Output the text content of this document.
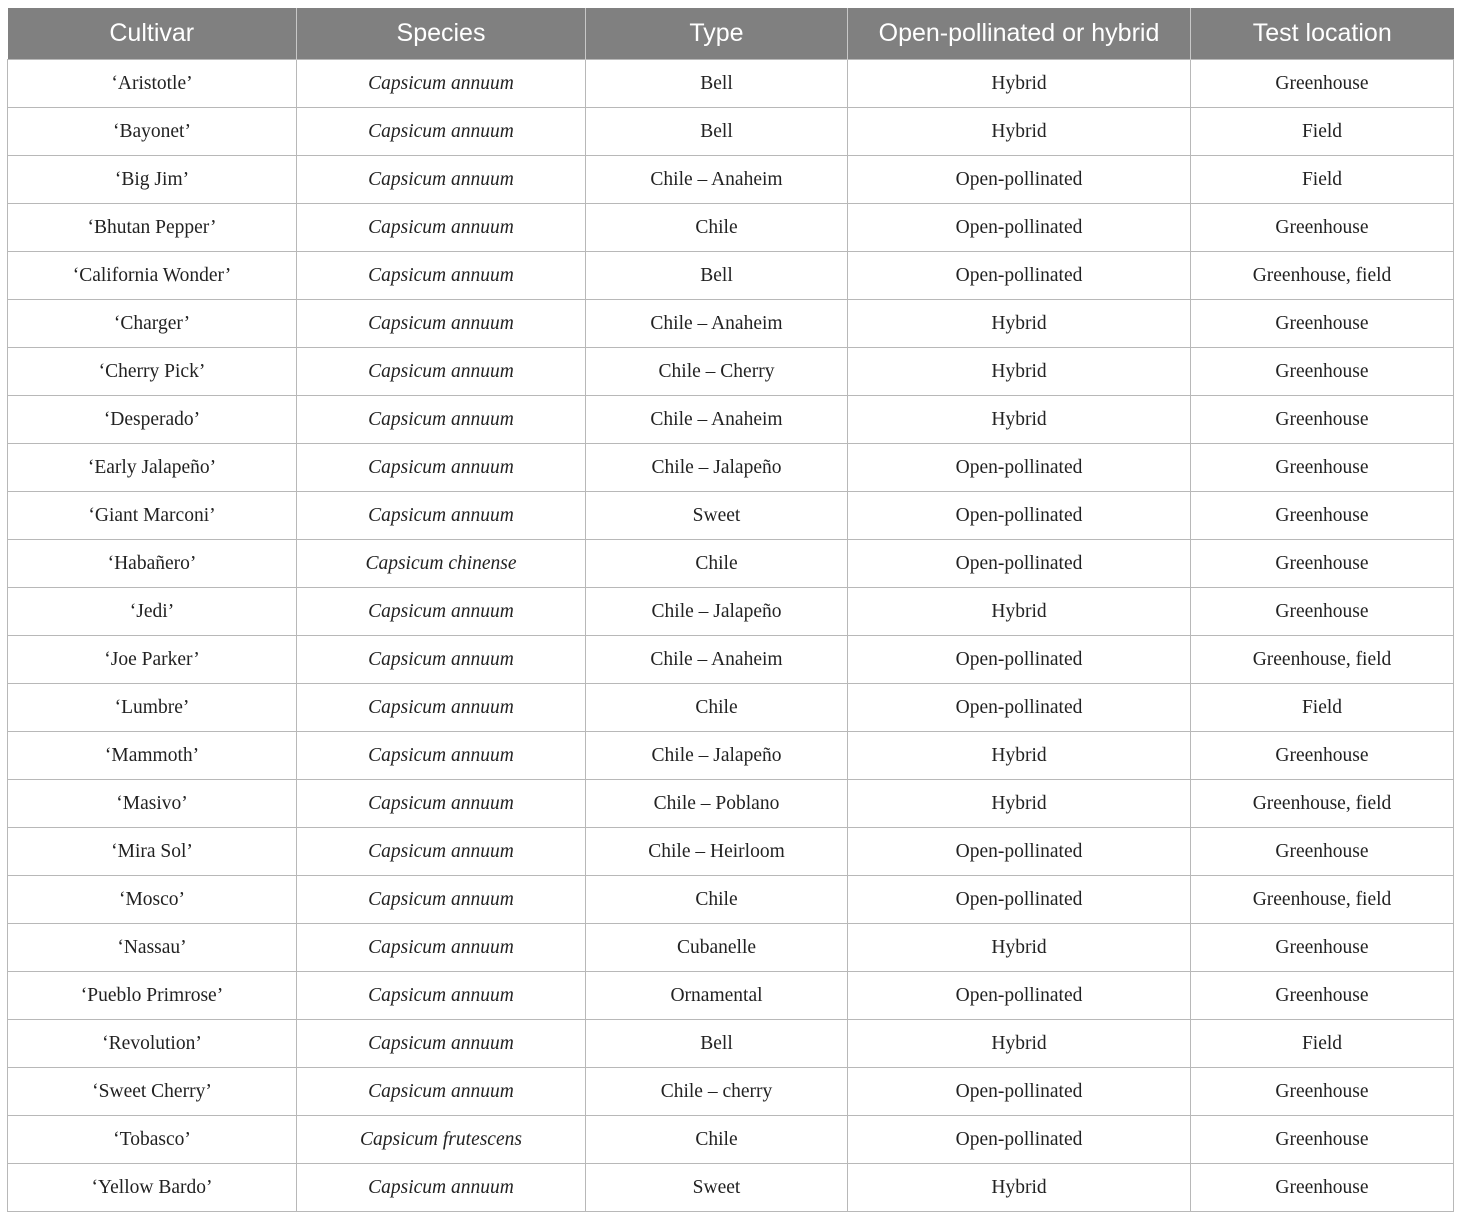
Cultivar	Species	Type	Open-pollinated or hybrid	Test location
‘Aristotle’	Capsicum annuum	Bell	Hybrid	Greenhouse
‘Bayonet’	Capsicum annuum	Bell	Hybrid	Field
‘Big Jim’	Capsicum annuum	Chile – Anaheim	Open-pollinated	Field
‘Bhutan Pepper’	Capsicum annuum	Chile	Open-pollinated	Greenhouse
‘California Wonder’	Capsicum annuum	Bell	Open-pollinated	Greenhouse, field
‘Charger’	Capsicum annuum	Chile – Anaheim	Hybrid	Greenhouse
‘Cherry Pick’	Capsicum annuum	Chile – Cherry	Hybrid	Greenhouse
‘Desperado’	Capsicum annuum	Chile – Anaheim	Hybrid	Greenhouse
‘Early Jalapeño’	Capsicum annuum	Chile – Jalapeño	Open-pollinated	Greenhouse
‘Giant Marconi’	Capsicum annuum	Sweet	Open-pollinated	Greenhouse
‘Habañero’	Capsicum chinense	Chile	Open-pollinated	Greenhouse
‘Jedi’	Capsicum annuum	Chile – Jalapeño	Hybrid	Greenhouse
‘Joe Parker’	Capsicum annuum	Chile – Anaheim	Open-pollinated	Greenhouse, field
‘Lumbre’	Capsicum annuum	Chile	Open-pollinated	Field
‘Mammoth’	Capsicum annuum	Chile – Jalapeño	Hybrid	Greenhouse
‘Masivo’	Capsicum annuum	Chile – Poblano	Hybrid	Greenhouse, field
‘Mira Sol’	Capsicum annuum	Chile – Heirloom	Open-pollinated	Greenhouse
‘Mosco’	Capsicum annuum	Chile	Open-pollinated	Greenhouse, field
‘Nassau’	Capsicum annuum	Cubanelle	Hybrid	Greenhouse
‘Pueblo Primrose’	Capsicum annuum	Ornamental	Open-pollinated	Greenhouse
‘Revolution’	Capsicum annuum	Bell	Hybrid	Field
‘Sweet Cherry’	Capsicum annuum	Chile – cherry	Open-pollinated	Greenhouse
‘Tobasco’	Capsicum frutescens	Chile	Open-pollinated	Greenhouse
‘Yellow Bardo’	Capsicum annuum	Sweet	Hybrid	Greenhouse
